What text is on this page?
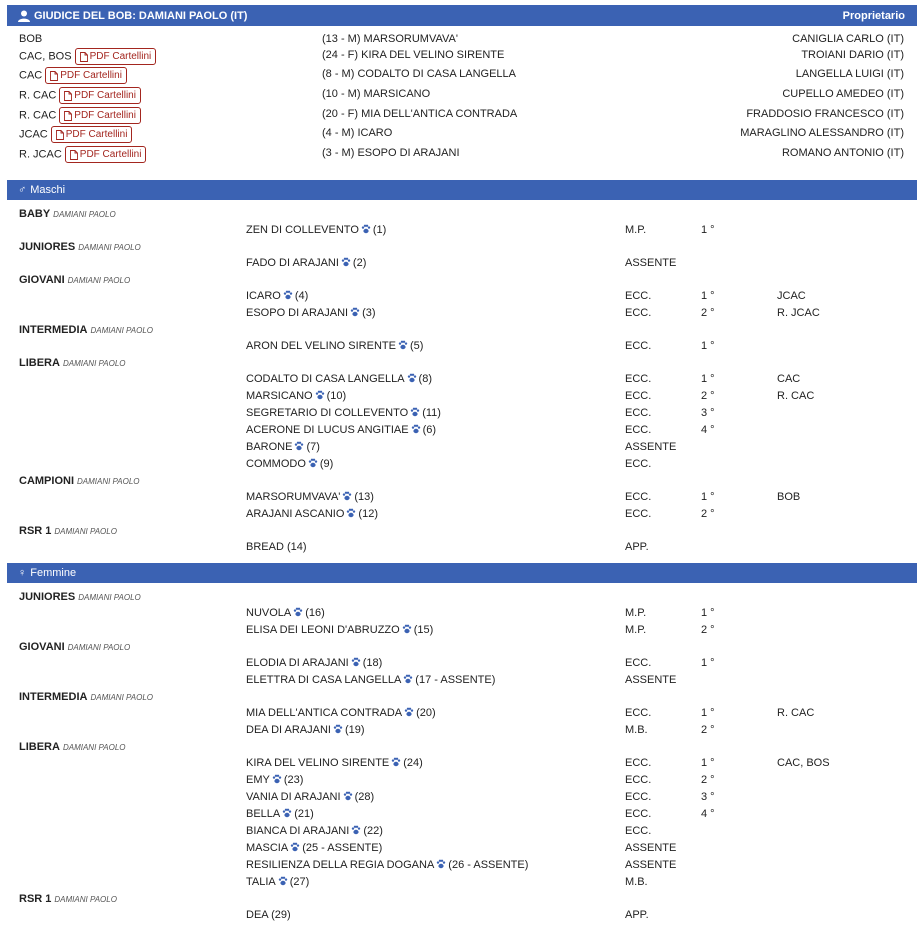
GIUDICE DEL BOB: DAMIANI PAOLO (IT)	Proprietario
BOB	(13 - M) MARSORUMVAVA'	CANIGLIA CARLO (IT)
CAC, BOS PDF Cartellini	(24 - F) KIRA DEL VELINO SIRENTE	TROIANI DARIO (IT)
CAC PDF Cartellini	(8 - M) CODALTO DI CASA LANGELLA	LANGELLA LUIGI (IT)
R. CAC PDF Cartellini	(10 - M) MARSICANO	CUPELLO AMEDEO (IT)
R. CAC PDF Cartellini	(20 - F) MIA DELL'ANTICA CONTRADA	FRADDOSIO FRANCESCO (IT)
JCAC PDF Cartellini	(4 - M) ICARO	MARAGLINO ALESSANDRO (IT)
R. JCAC PDF Cartellini	(3 - M) ESOPO DI ARAJANI	ROMANO ANTONIO (IT)
♂ Maschi
BABY DAMIANI PAOLO
ZEN DI COLLEVENTO (1)	M.P.	1 °
JUNIORES DAMIANI PAOLO
FADO DI ARAJANI (2)	ASSENTE
GIOVANI DAMIANI PAOLO
ICARO (4)	ECC.	1 °	JCAC
ESOPO DI ARAJANI (3)	ECC.	2 °	R. JCAC
INTERMEDIA DAMIANI PAOLO
ARON DEL VELINO SIRENTE (5)	ECC.	1 °
LIBERA DAMIANI PAOLO
CODALTO DI CASA LANGELLA (8)	ECC.	1 °	CAC
MARSICANO (10)	ECC.	2 °	R. CAC
SEGRETARIO DI COLLEVENTO (11)	ECC.	3 °
ACERONE DI LUCUS ANGITIAE (6)	ECC.	4 °
BARONE (7)	ASSENTE
COMMODO (9)	ECC.
CAMPIONI DAMIANI PAOLO
MARSORUMVAVA' (13)	ECC.	1 °	BOB
ARAJANI ASCANIO (12)	ECC.	2 °
RSR 1 DAMIANI PAOLO
BREAD (14)	APP.
♀ Femmine
JUNIORES DAMIANI PAOLO
NUVOLA (16)	M.P.	1 °
ELISA DEI LEONI D'ABRUZZO (15)	M.P.	2 °
GIOVANI DAMIANI PAOLO
ELODIA DI ARAJANI (18)	ECC.	1 °
ELETTRA DI CASA LANGELLA (17 - ASSENTE)	ASSENTE
INTERMEDIA DAMIANI PAOLO
MIA DELL'ANTICA CONTRADA (20)	ECC.	1 °	R. CAC
DEA DI ARAJANI (19)	M.B.	2 °
LIBERA DAMIANI PAOLO
KIRA DEL VELINO SIRENTE (24)	ECC.	1 °	CAC, BOS
EMY (23)	ECC.	2 °
VANIA DI ARAJANI (28)	ECC.	3 °
BELLA (21)	ECC.	4 °
BIANCA DI ARAJANI (22)	ECC.
MASCIA (25 - ASSENTE)	ASSENTE
RESILIENZA DELLA REGIA DOGANA (26 - ASSENTE)	ASSENTE
TALIA (27)	M.B.
RSR 1 DAMIANI PAOLO
DEA (29)	APP.
